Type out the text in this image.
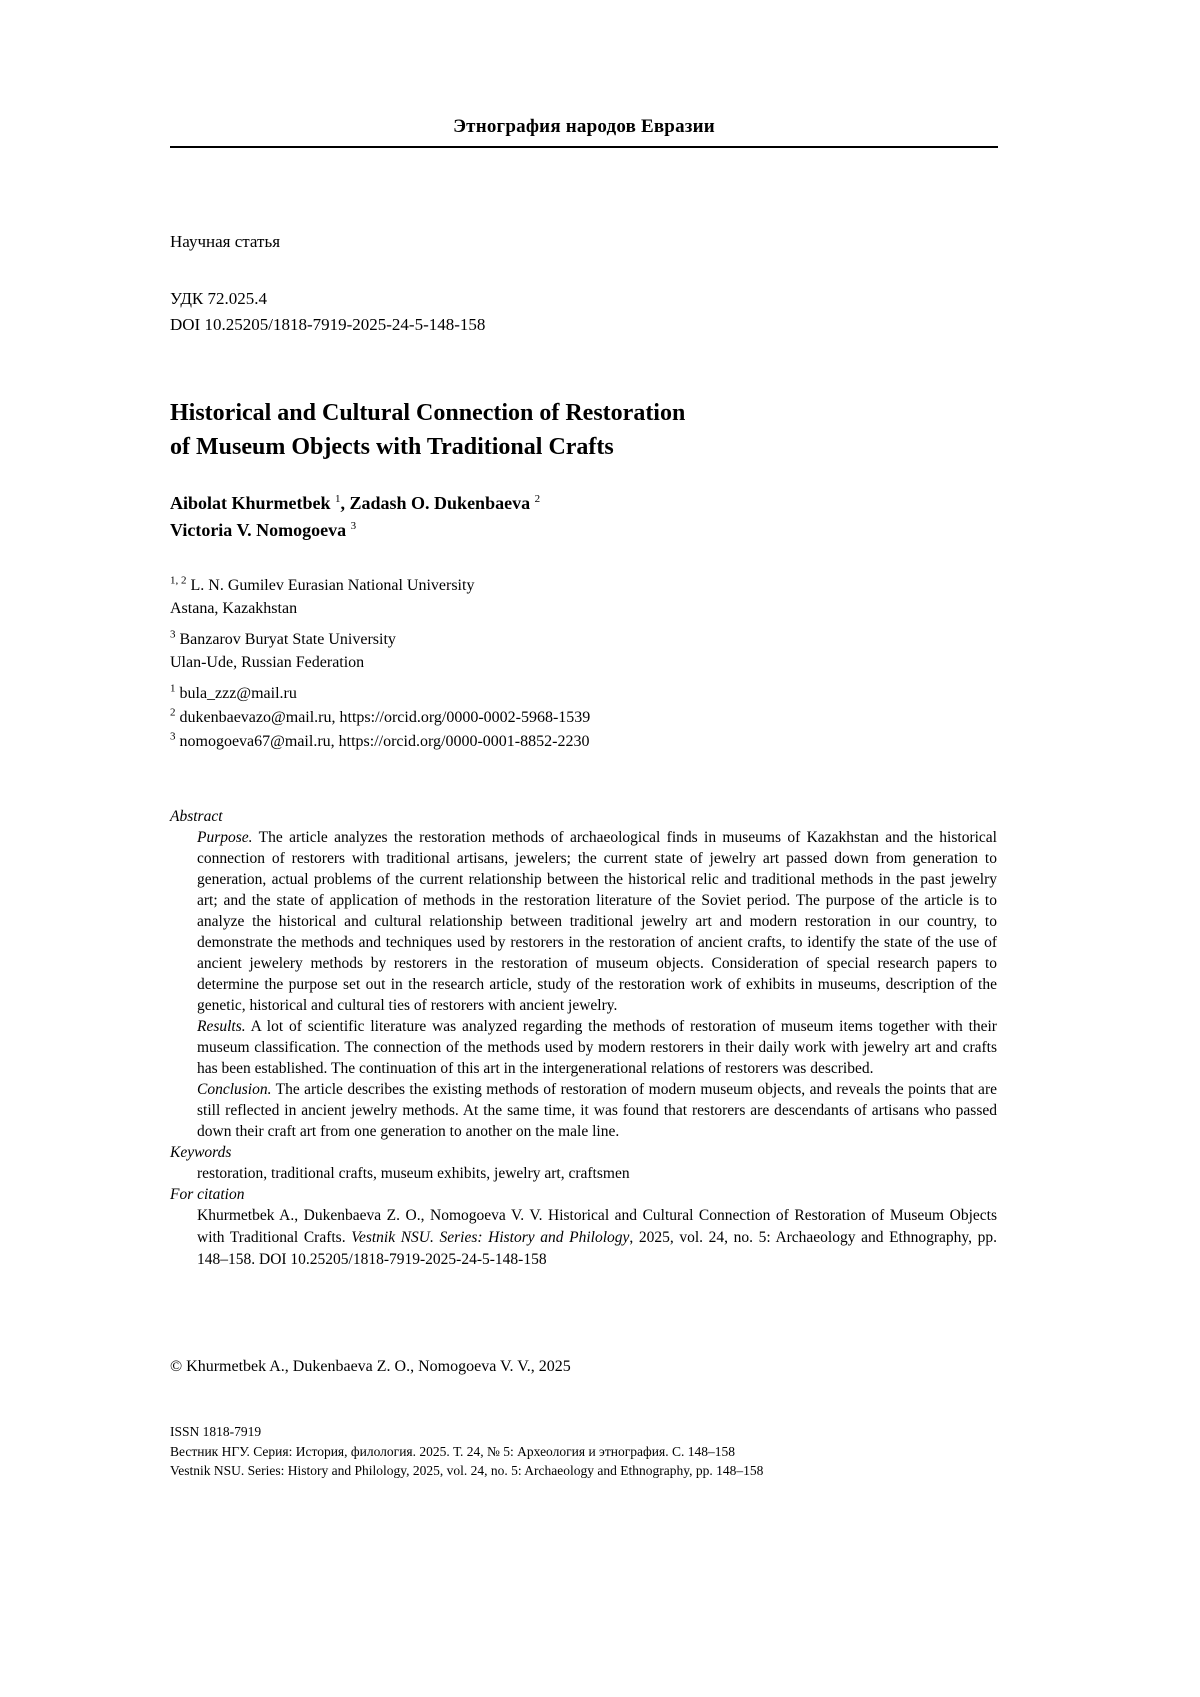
Этнография народов Евразии
Научная статья
УДК 72.025.4
DOI 10.25205/1818-7919-2025-24-5-148-158
Historical and Cultural Connection of Restoration
of Museum Objects with Traditional Crafts
Aibolat Khurmetbek $^1$, Zadash O. Dukenbaeva $^2$
Victoria V. Nomogoeva $^3$
$^{1, 2}$ L. N. Gumilev Eurasian National University
Astana, Kazakhstan
$^3$ Banzarov Buryat State University
Ulan-Ude, Russian Federation
$^1$ bula_zzz@mail.ru
$^2$ dukenbaevazo@mail.ru, https://orcid.org/0000-0002-5968-1539
$^3$ nomogoeva67@mail.ru, https://orcid.org/0000-0001-8852-2230
Abstract
Purpose. The article analyzes the restoration methods of archaeological finds in museums of Kazakhstan and the historical connection of restorers with traditional artisans, jewelers; the current state of jewelry art passed down from generation to generation, actual problems of the current relationship between the historical relic and traditional methods in the past jewelry art; and the state of application of methods in the restoration literature of the Soviet period. The purpose of the article is to analyze the historical and cultural relationship between traditional jewelry art and modern restoration in our country, to demonstrate the methods and techniques used by restorers in the restoration of ancient crafts, to identify the state of the use of ancient jewelery methods by restorers in the restoration of museum objects. Consideration of special research papers to determine the purpose set out in the research article, study of the restoration work of exhibits in museums, description of the genetic, historical and cultural ties of restorers with ancient jewelry.
Results. A lot of scientific literature was analyzed regarding the methods of restoration of museum items together with their museum classification. The connection of the methods used by modern restorers in their daily work with jewelry art and crafts has been established. The continuation of this art in the intergenerational relations of restorers was described.
Conclusion. The article describes the existing methods of restoration of modern museum objects, and reveals the points that are still reflected in ancient jewelry methods. At the same time, it was found that restorers are descendants of artisans who passed down their craft art from one generation to another on the male line.
Keywords
restoration, traditional crafts, museum exhibits, jewelry art, craftsmen
For citation
Khurmetbek A., Dukenbaeva Z. O., Nomogoeva V. V. Historical and Cultural Connection of Restoration of Museum Objects with Traditional Crafts. Vestnik NSU. Series: History and Philology, 2025, vol. 24, no. 5: Archaeology and Ethnography, pp. 148–158. DOI 10.25205/1818-7919-2025-24-5-148-158
© Khurmetbek A., Dukenbaeva Z. O., Nomogoeva V. V., 2025
ISSN 1818-7919
Вестник НГУ. Серия: История, филология. 2025. Т. 24, № 5: Археология и этнография. С. 148–158
Vestnik NSU. Series: History and Philology, 2025, vol. 24, no. 5: Archaeology and Ethnography, pp. 148–158
